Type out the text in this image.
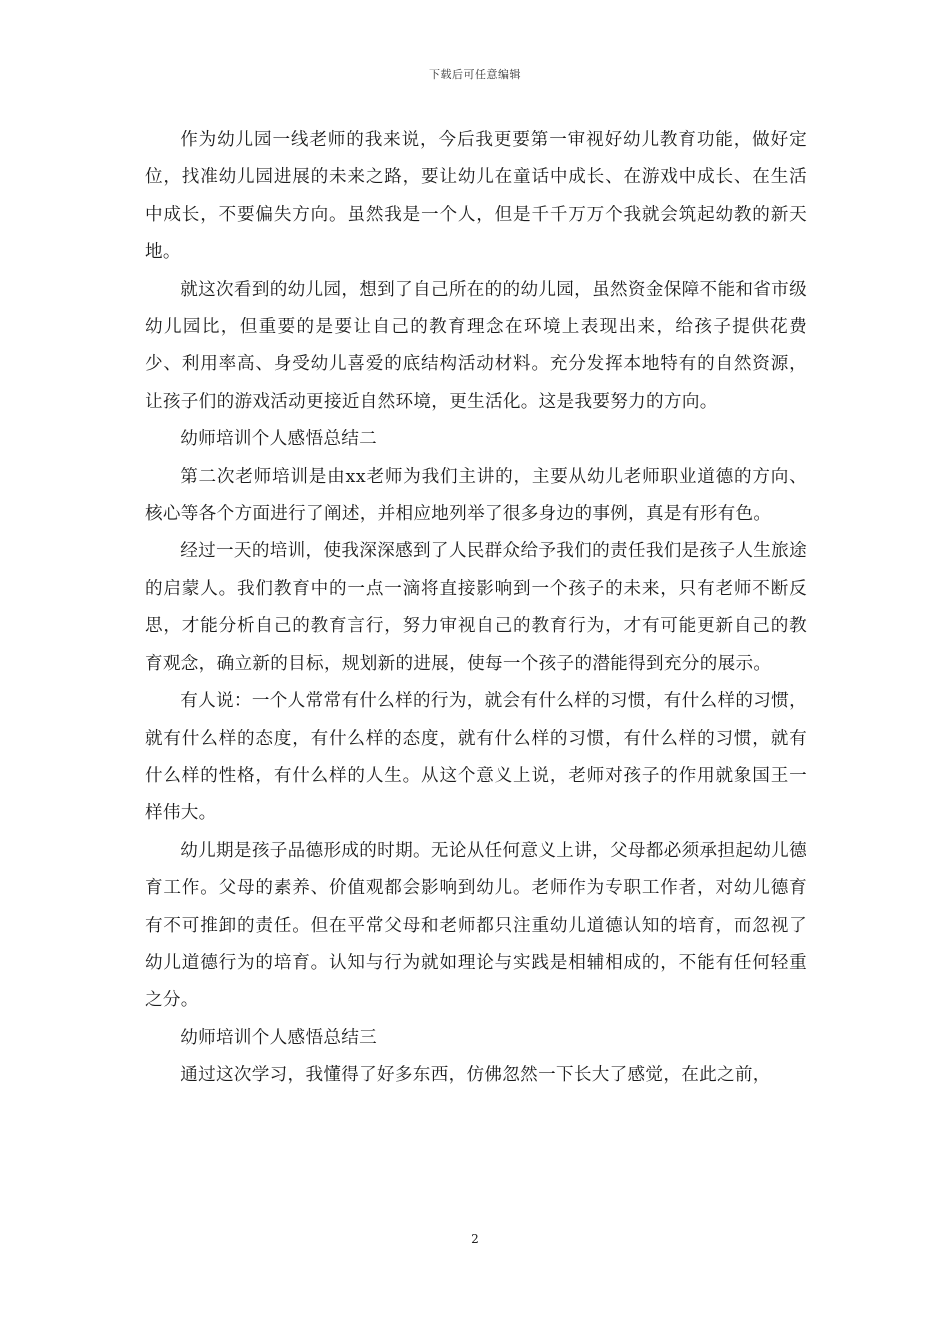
下载后可任意编辑

作为幼儿园一线老师的我来说，今后我更要第一审视好幼儿教育功能，做好定位，找准幼儿园进展的未来之路，要让幼儿在童话中成长、在游戏中成长、在生活中成长，不要偏失方向。虽然我是一个人，但是千千万万个我就会筑起幼教的新天地。

就这次看到的幼儿园，想到了自己所在的的幼儿园，虽然资金保障不能和省市级幼儿园比，但重要的是要让自己的教育理念在环境上表现出来，给孩子提供花费少、利用率高、身受幼儿喜爱的底结构活动材料。充分发挥本地特有的自然资源，让孩子们的游戏活动更接近自然环境，更生活化。这是我要努力的方向。

幼师培训个人感悟总结二

第二次老师培训是由xx老师为我们主讲的，主要从幼儿老师职业道德的方向、核心等各个方面进行了阐述，并相应地列举了很多身边的事例，真是有形有色。

经过一天的培训，使我深深感到了人民群众给予我们的责任我们是孩子人生旅途的启蒙人。我们教育中的一点一滴将直接影响到一个孩子的未来，只有老师不断反思，才能分析自己的教育言行，努力审视自己的教育行为，才有可能更新自己的教育观念，确立新的目标，规划新的进展，使每一个孩子的潜能得到充分的展示。

有人说：一个人常常有什么样的行为，就会有什么样的习惯，有什么样的习惯，就有什么样的态度，有什么样的态度，就有什么样的习惯，有什么样的习惯，就有什么样的性格，有什么样的人生。从这个意义上说，老师对孩子的作用就象国王一样伟大。

幼儿期是孩子品德形成的时期。无论从任何意义上讲，父母都必须承担起幼儿德育工作。父母的素养、价值观都会影响到幼儿。老师作为专职工作者，对幼儿德育有不可推卸的责任。但在平常父母和老师都只注重幼儿道德认知的培育，而忽视了幼儿道德行为的培育。认知与行为就如理论与实践是相辅相成的，不能有任何轻重之分。

幼师培训个人感悟总结三

通过这次学习，我懂得了好多东西，仿佛忽然一下长大了感觉，在此之前，

2
